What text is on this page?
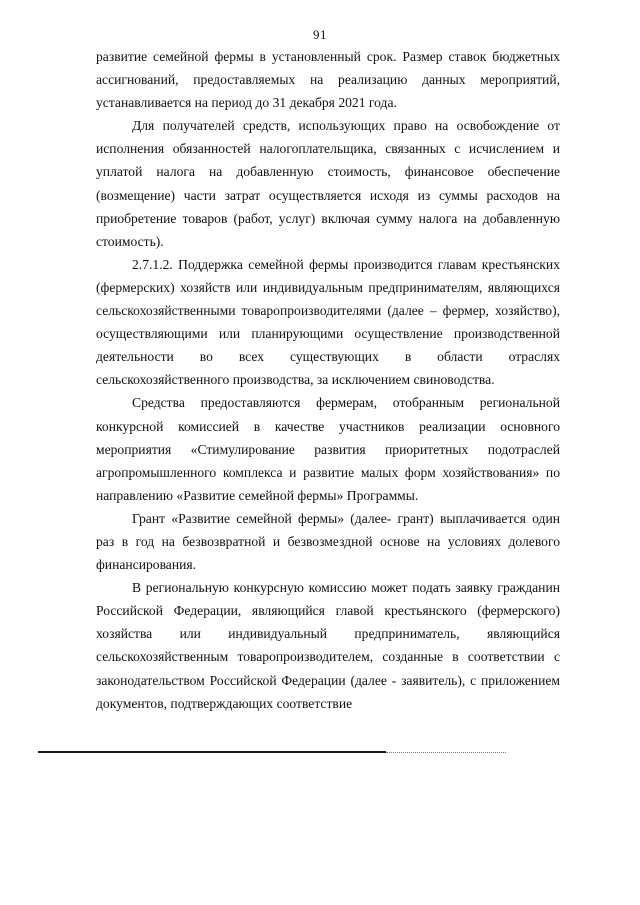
91

развитие семейной фермы в установленный срок. Размер ставок бюджетных ассигнований, предоставляемых на реализацию данных мероприятий, устанавливается на период до 31 декабря 2021 года.

Для получателей средств, использующих право на освобождение от исполнения обязанностей налогоплательщика, связанных с исчислением и уплатой налога на добавленную стоимость, финансовое обеспечение (возмещение) части затрат осуществляется исходя из суммы расходов на приобретение товаров (работ, услуг) включая сумму налога на добавленную стоимость).

2.7.1.2. Поддержка семейной фермы производится главам крестьянских (фермерских) хозяйств или индивидуальным предпринимателям, являющихся сельскохозяйственными товаропроизводителями (далее – фермер, хозяйство), осуществляющими или планирующими осуществление производственной деятельности во всех существующих в области отраслях сельскохозяйственного производства, за исключением свиноводства.

Средства предоставляются фермерам, отобранным региональной конкурсной комиссией в качестве участников реализации основного мероприятия «Стимулирование развития приоритетных подотраслей агропромышленного комплекса и развитие малых форм хозяйствования» по направлению «Развитие семейной фермы» Программы.

Грант «Развитие семейной фермы» (далее- грант) выплачивается один раз в год на безвозвратной и безвозмездной основе на условиях долевого финансирования.

В региональную конкурсную комиссию может подать заявку гражданин Российской Федерации, являющийся главой крестьянского (фермерского) хозяйства или индивидуальный предприниматель, являющийся сельскохозяйственным товаропроизводителем, созданные в соответствии с законодательством Российской Федерации (далее - заявитель), с приложением документов, подтверждающих соответствие
